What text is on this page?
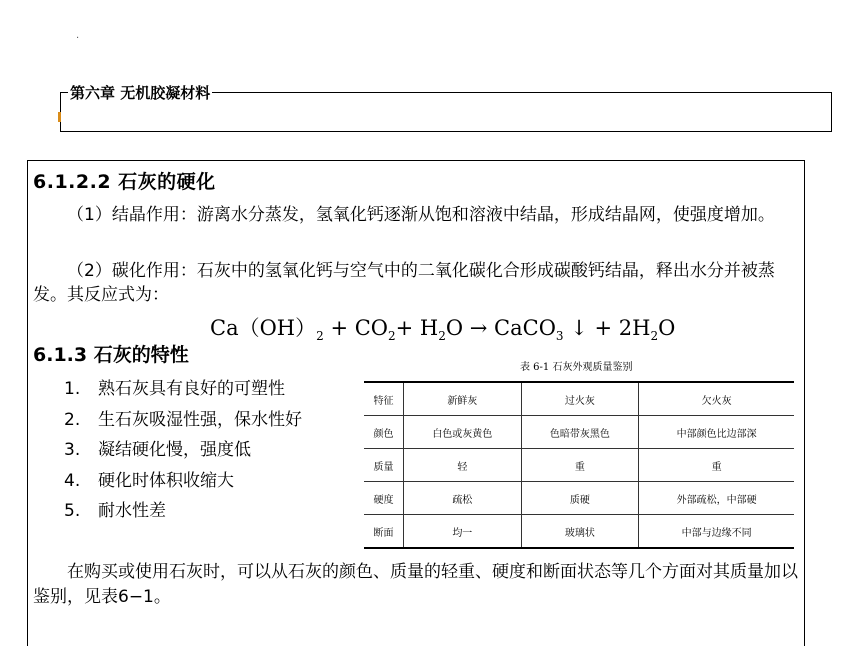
.
第六章 无机胶凝材料
6.1.2.2 石灰的硬化
（1）结晶作用：游离水分蒸发，氢氧化钙逐渐从饱和溶液中结晶，形成结晶网，使强度增加。
（2）碳化作用：石灰中的氢氧化钙与空气中的二氧化碳化合形成碳酸钙结晶，释出水分并被蒸发。其反应式为：
$Ca(OH)_2 + CO_2+ H_2O$ → CaCO$_3$ ↓ + $2H_2O$
6.1.3 石灰的特性
1. 熟石灰具有良好的可塑性
2. 生石灰吸湿性强，保水性好
3. 凝结硬化慢，强度低
4. 硬化时体积收缩大
5. 耐水性差
表 6-1 石灰外观质量鉴别
特征	新鲜灰	过火灰	欠火灰
颜色	白色或灰黄色	色暗带灰黑色	中部颜色比边部深
质量	轻	重	重
硬度	疏松	质硬	外部疏松，中部硬
断面	均一	玻璃状	中部与边缘不同
在购买或使用石灰时，可以从石灰的颜色、质量的轻重、硬度和断面状态等几个方面对其质量加以鉴别，见表6−1。
